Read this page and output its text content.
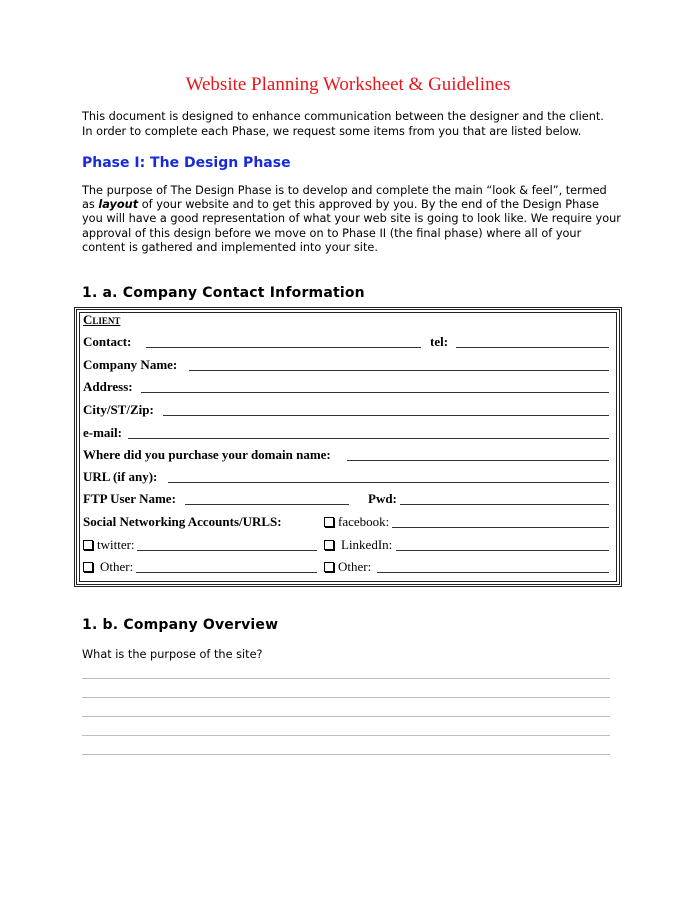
Website Planning Worksheet & Guidelines
This document is designed to enhance communication between the designer and the client.
In order to complete each Phase, we request some items from you that are listed below.
Phase I: The Design Phase
The purpose of The Design Phase is to develop and complete the main “look & feel”, termed as layout of your website and to get this approved by you. By the end of the Design Phase you will have a good representation of what your web site is going to look like. We require your approval of this design before we move on to Phase II (the final phase) where all of your content is gathered and implemented into your site.
1. a. Company Contact Information
Client
Contact:	tel:
Company Name:
Address:
City/ST/Zip:
e-mail:
Where did you purchase your domain name:
URL (if any):
FTP User Name:	Pwd:
Social Networking Accounts/URLS:	facebook:
twitter:	LinkedIn:
Other:	Other:
1. b. Company Overview
What is the purpose of the site?
